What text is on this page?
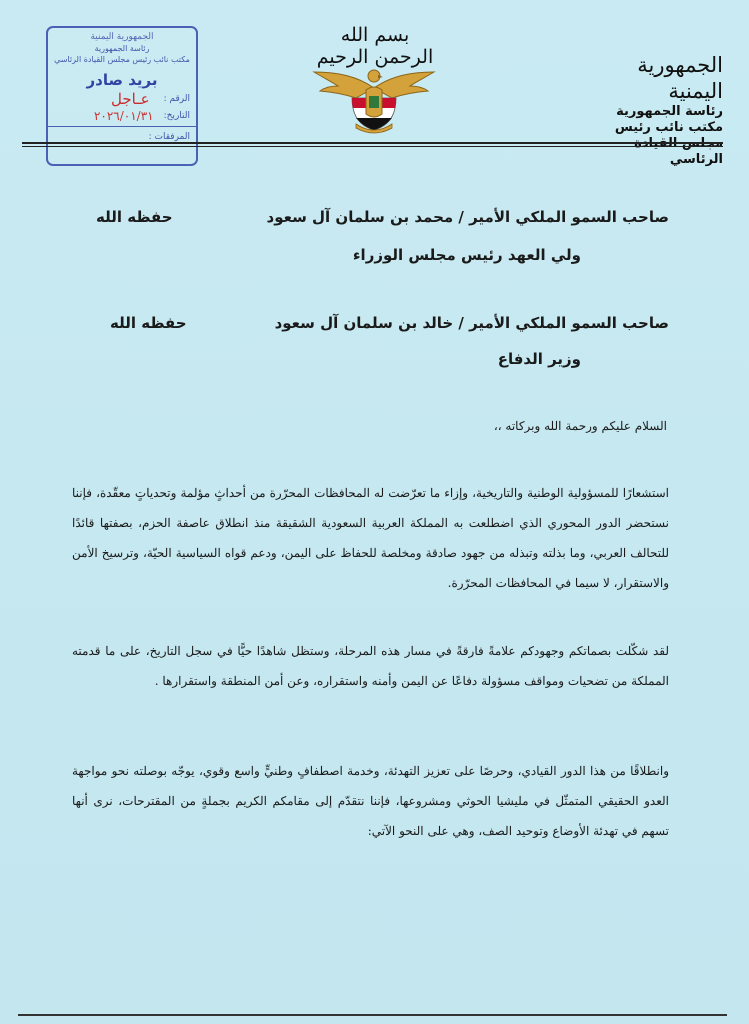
الجمهورية اليمنية
رئاسة الجمهورية
مكتب نائب رئيس مجلس القيادة الرئاسي
بريد صادر
الرقم :
عـاجل
التاريخ:
٢٠٢٦/٠١/٣١
المرفقات :
بسم الله الرحمن الرحيم	الجمهورية اليمنية
رئاسة الجمهورية
مكتب نائب رئيس
مجلس القيادة الرئاسي
صاحب السمو الملكي الأمير / محمد بن سلمان آل سعود
حفظه الله
ولي العهد رئيس مجلس الوزراء
صاحب السمو الملكي الأمير / خالد بن سلمان آل سعود
حفظه الله
وزير الدفاع
السلام عليكم ورحمة الله وبركاته ،،

استشعارًا للمسؤولية الوطنية والتاريخية، وإزاء ما تعرّضت له المحافظات المحرّرة من أحداثٍ مؤلمة وتحدياتٍ معقّدة، فإننا نستحضر الدور المحوري الذي اضطلعت به المملكة العربية السعودية الشقيقة منذ انطلاق عاصفة الحزم، بصفتها قائدًا للتحالف العربي، وما بذلته وتبذله من جهود صادقة ومخلصة للحفاظ على اليمن، ودعم قواه السياسية الحيّة، وترسيخ الأمن والاستقرار، لا سيما في المحافظات المحرّرة.

لقد شكّلت بصماتكم وجهودكم علامةً فارقةً في مسار هذه المرحلة، وستظل شاهدًا حيًّا في سجل التاريخ، على ما قدمته المملكة من تضحيات ومواقف مسؤولة دفاعًا عن اليمن وأمنه واستقراره، وعن أمن المنطقة واستقرارها .

وانطلاقًا من هذا الدور القيادي، وحرصًا على تعزيز التهدئة، وخدمة اصطفافٍ وطنيٍّ واسع وقوي، يوجّه بوصلته نحو مواجهة العدو الحقيقي المتمثّل في مليشيا الحوثي ومشروعها، فإننا نتقدّم إلى مقامكم الكريم بجملةٍ من المقترحات، نرى أنها تسهم في تهدئة الأوضاع وتوحيد الصف، وهي على النحو الآتي:
